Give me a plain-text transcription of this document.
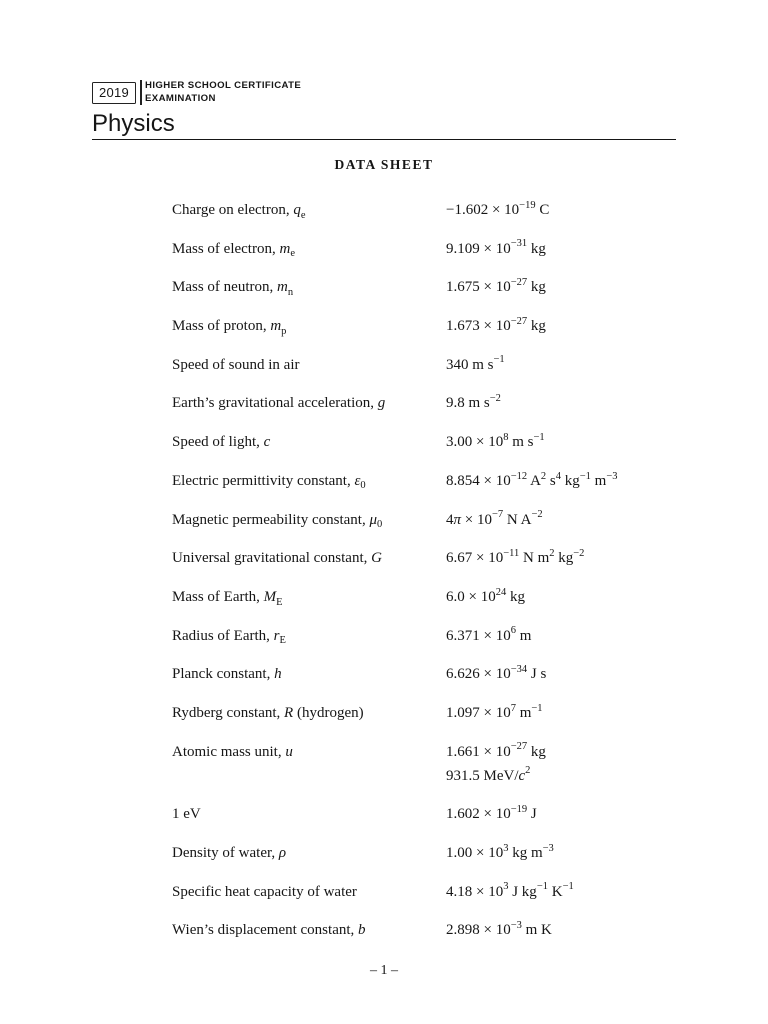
2019	HIGHER SCHOOL CERTIFICATE
EXAMINATION
Physics
DATA SHEET
Charge on electron, $q_e$	$-1.602 \times 10^{-19}$ C
Mass of electron, $m_e$	$9.109 \times 10^{-31}$ kg
Mass of neutron, $m_n$	$1.675 \times 10^{-27}$ kg
Mass of proton, $m_p$	$1.673 \times 10^{-27}$ kg
Speed of sound in air	340 m $s^{-1}$
Earth’s gravitational acceleration, g	9.8 m $s^{-2}$
Speed of light, c	$3.00 \times 10^8$ m $s^{-1}$
Electric permittivity constant, $\varepsilon_0$	$8.854 \times 10^{-12}$ $A^2$ $s^4$ $kg^{-1}$ $m^{-3}$
Magnetic permeability constant, $\mu_0$	$4\pi \times 10^{-7}$ N $A^{-2}$
Universal gravitational constant, G	$6.67 \times 10^{-11}$ N $m^2$ $kg^{-2}$
Mass of Earth, $M_E$	$6.0 \times 10^{24}$ kg
Radius of Earth, $r_E$	$6.371 \times 10^6$ m
Planck constant, h	$6.626 \times 10^{-34}$ J s
Rydberg constant, R (hydrogen)	$1.097 \times 10^7$ $m^{-1}$
Atomic mass unit, u	$1.661 \times 10^{-27}$ kg
931.5 MeV/$c^2$
1 eV	$1.602 \times 10^{-19}$ J
Density of water, ρ	$1.00 \times 10^3$ kg $m^{-3}$
Specific heat capacity of water	$4.18 \times 10^3$ J $kg^{-1}$ $K^{-1}$
Wien’s displacement constant, b	$2.898 \times 10^{-3}$ m K
– 1 –
